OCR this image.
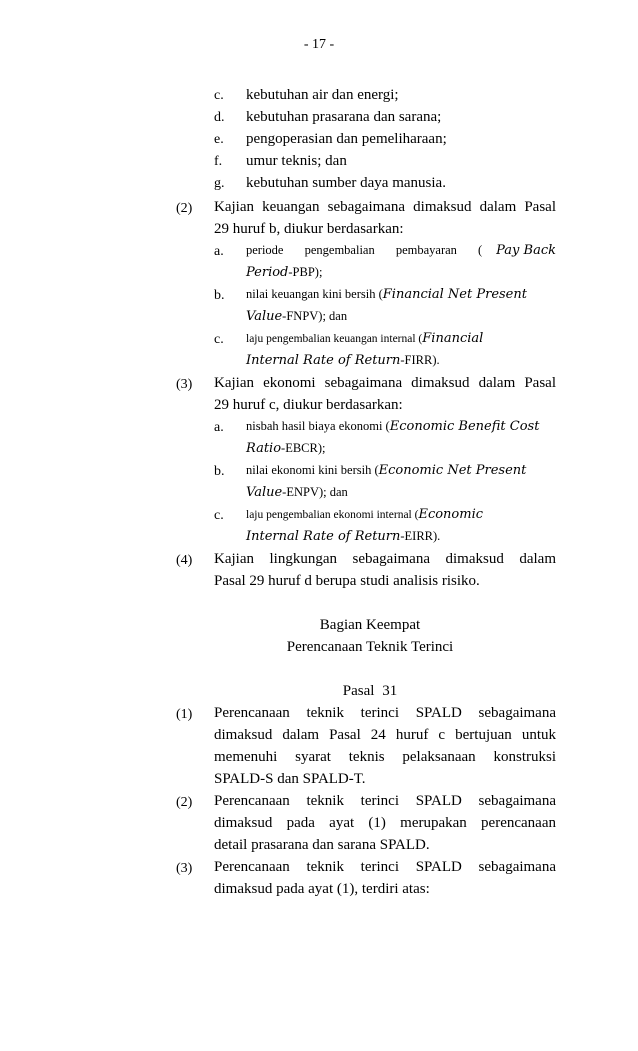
- 17 -
c. kebutuhan air dan energi;
d. kebutuhan prasarana dan sarana;
e. pengoperasian dan pemeliharaan;
f. umur teknis; dan
g. kebutuhan sumber daya manusia.
(2) Kajian keuangan sebagaimana dimaksud dalam Pasal
29 huruf b, diukur berdasarkan:
a. periode pengembalian pembayaran ( Pay Back
Period-PBP);
b. nilai keuangan kini bersih (Financial Net Present
Value-FNPV); dan
c. laju pengembalian keuangan internal (Financial
Internal Rate of Return-FIRR).
(3) Kajian ekonomi sebagaimana dimaksud dalam Pasal
29 huruf c, diukur berdasarkan:
a. nisbah hasil biaya ekonomi (Economic Benefit Cost
Ratio-EBCR);
b. nilai ekonomi kini bersih (Economic Net Present
Value-ENPV); dan
c. laju pengembalian ekonomi internal (Economic
Internal Rate of Return-EIRR).
(4) Kajian lingkungan sebagaimana dimaksud dalam
Pasal 29 huruf d berupa studi analisis risiko.
Bagian Keempat
Perencanaan Teknik Terinci
Pasal 31
(1) Perencanaan teknik terinci SPALD sebagaimana
dimaksud dalam Pasal 24 huruf c bertujuan untuk
memenuhi syarat teknis pelaksanaan konstruksi
SPALD-S dan SPALD-T.
(2) Perencanaan teknik terinci SPALD sebagaimana
dimaksud pada ayat (1) merupakan perencanaan
detail prasarana dan sarana SPALD.
(3) Perencanaan teknik terinci SPALD sebagaimana
dimaksud pada ayat (1), terdiri atas:
